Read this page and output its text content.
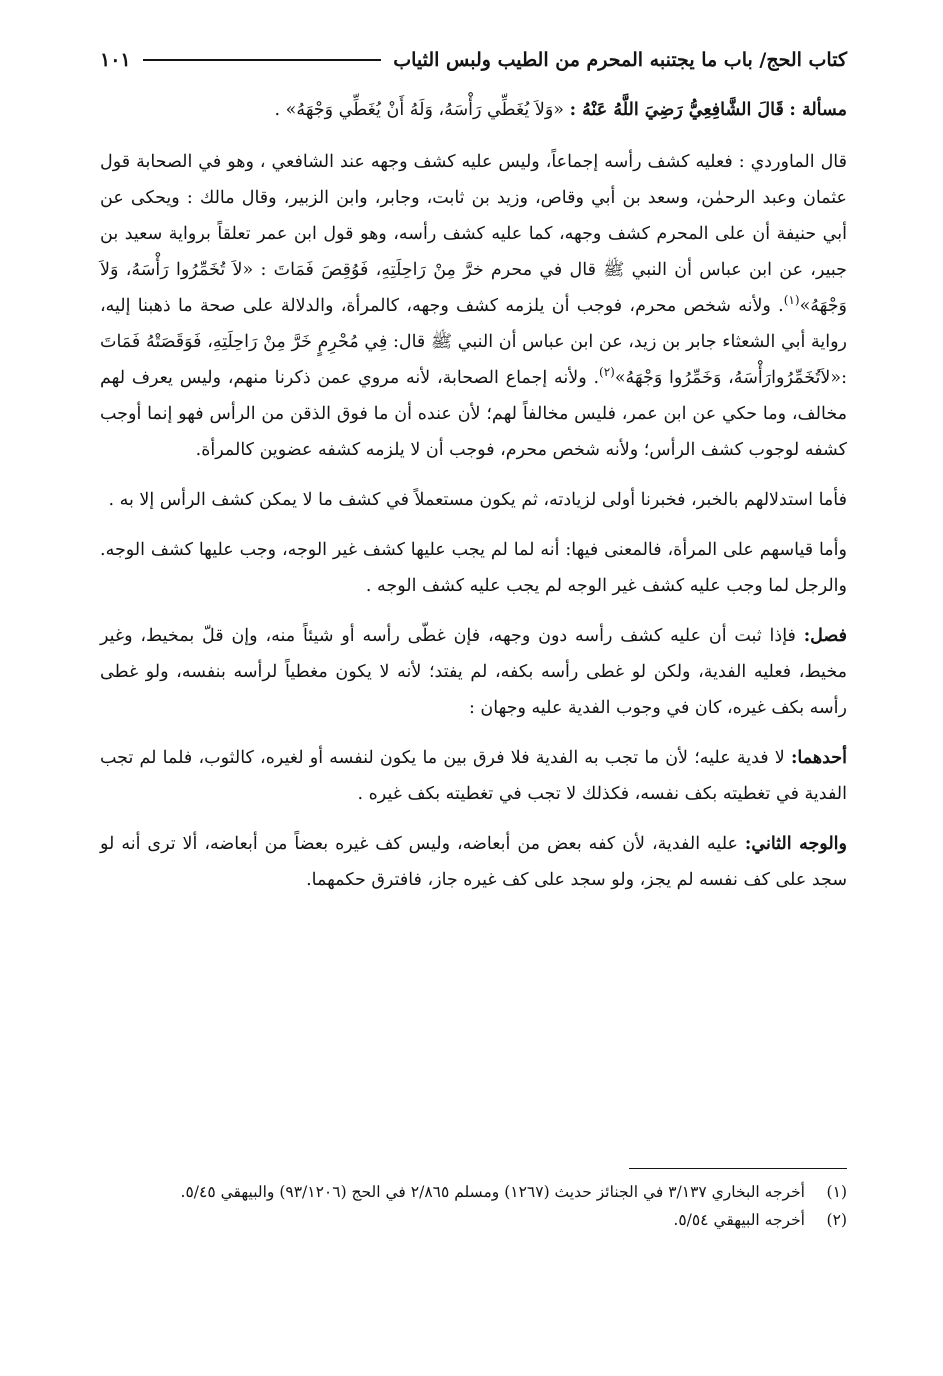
كتاب الحج/ باب ما يجتنبه المحرم من الطيب ولبس الثياب
١٠١

مسألة : قَالَ الشَّافِعِيُّ رَضِيَ اللَّهُ عَنْهُ : «وَلاَ يُغَطِّي رَأْسَهُ، وَلَهُ أَنْ يُغَطِّي وَجْهَهُ» .

قال الماوردي : فعليه كشف رأسه إجماعاً، وليس عليه كشف وجهه عند الشافعي ، وهو في الصحابة قول عثمان وعبد الرحمٰن، وسعد بن أبي وقاص، وزيد بن ثابت، وجابر، وابن الزبير، وقال مالك : ويحكى عن أبي حنيفة أن على المحرم كشف وجهه، كما عليه كشف رأسه، وهو قول ابن عمر تعلقاً برواية سعيد بن جبير، عن ابن عباس أن النبي ﷺ قال في محرم خرَّ مِنْ رَاحِلَتِهِ، فَوُقِصَ فَمَاتَ : «لاَ تُخَمِّرُوا رَأْسَهُ، وَلاَ وَجْهَهُ»$^{(١)}$. ولأنه شخص محرم، فوجب أن يلزمه كشف وجهه، كالمرأة، والدلالة على صحة ما ذهبنا إليه، رواية أبي الشعثاء جابر بن زيد، عن ابن عباس أن النبي ﷺ قال: فِي مُحْرِمٍ خَرَّ مِنْ رَاحِلَتِهِ، فَوَقَصَتْهُ فَمَاتَ :«لاَتُخَمِّرُوارَأْسَهُ، وَخَمِّرُوا وَجْهَهُ»$^{(٢)}$. ولأنه إجماع الصحابة، لأنه مروي عمن ذكرنا منهم، وليس يعرف لهم مخالف، وما حكي عن ابن عمر، فليس مخالفاً لهم؛ لأن عنده أن ما فوق الذقن من الرأس فهو إنما أوجب كشفه لوجوب كشف الرأس؛ ولأنه شخص محرم، فوجب أن لا يلزمه كشفه عضوين كالمرأة.

فأما استدلالهم بالخبر، فخبرنا أولى لزيادته، ثم يكون مستعملاً في كشف ما لا يمكن كشف الرأس إلا به .

وأما قياسهم على المرأة، فالمعنى فيها: أنه لما لم يجب عليها كشف غير الوجه، وجب عليها كشف الوجه. والرجل لما وجب عليه كشف غير الوجه لم يجب عليه كشف الوجه .

فصل: فإذا ثبت أن عليه كشف رأسه دون وجهه، فإن غطّى رأسه أو شيئاً منه، وإن قلّ بمخيط، وغير مخيط، فعليه الفدية، ولكن لو غطى رأسه بكفه، لم يفتد؛ لأنه لا يكون مغطياً لرأسه بنفسه، ولو غطى رأسه بكف غيره، كان في وجوب الفدية عليه وجهان :

أحدهما: لا فدية عليه؛ لأن ما تجب به الفدية فلا فرق بين ما يكون لنفسه أو لغيره، كالثوب، فلما لم تجب الفدية في تغطيته بكف نفسه، فكذلك لا تجب في تغطيته بكف غيره .

والوجه الثاني: عليه الفدية، لأن كفه بعض من أبعاضه، وليس كف غيره بعضاً من أبعاضه، ألا ترى أنه لو سجد على كف نفسه لم يجز، ولو سجد على كف غيره جاز، فافترق حكمهما.

(١)
أخرجه البخاري ٣/١٣٧ في الجنائز حديث (١٢٦٧) ومسلم ٢/٨٦٥ في الحج (٩٣/١٢٠٦) والبيهقي ٥/٤٥.
(٢)
أخرجه البيهقي ٥/٥٤.
